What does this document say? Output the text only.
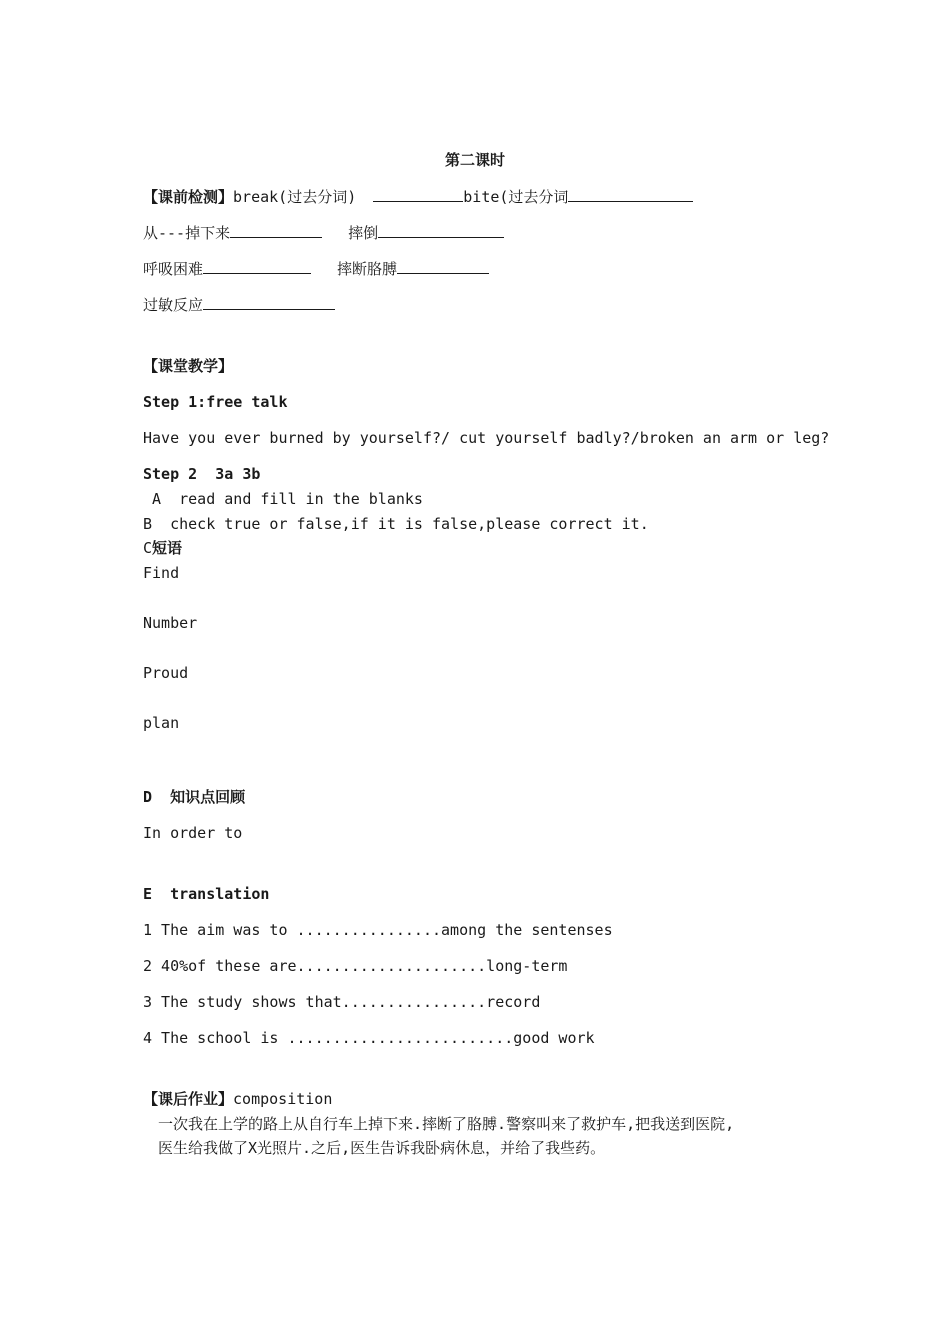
第二课时
【课前检测】break(过去分词)	bite(过去分词
从---掉下来	摔倒
呼吸困难	摔断胳膊
过敏反应
【课堂教学】
Step 1:free talk
Have you ever burned by yourself?/ cut yourself badly?/broken an arm or leg?
Step 2  3a 3b
A  read and fill in the blanks
B  check true or false,if it is false,please correct it.
C短语
Find
Number
Proud
plan
D  知识点回顾
In order to
E  translation
1 The aim was to ................among the sentenses
2 40%of these are.....................long-term
3 The study shows that................record
4 The school is .........................good work
【课后作业】composition
一次我在上学的路上从自行车上掉下来.摔断了胳膊.警察叫来了救护车,把我送到医院,
医生给我做了X光照片.之后,医生告诉我卧病休息，并给了我些药。
